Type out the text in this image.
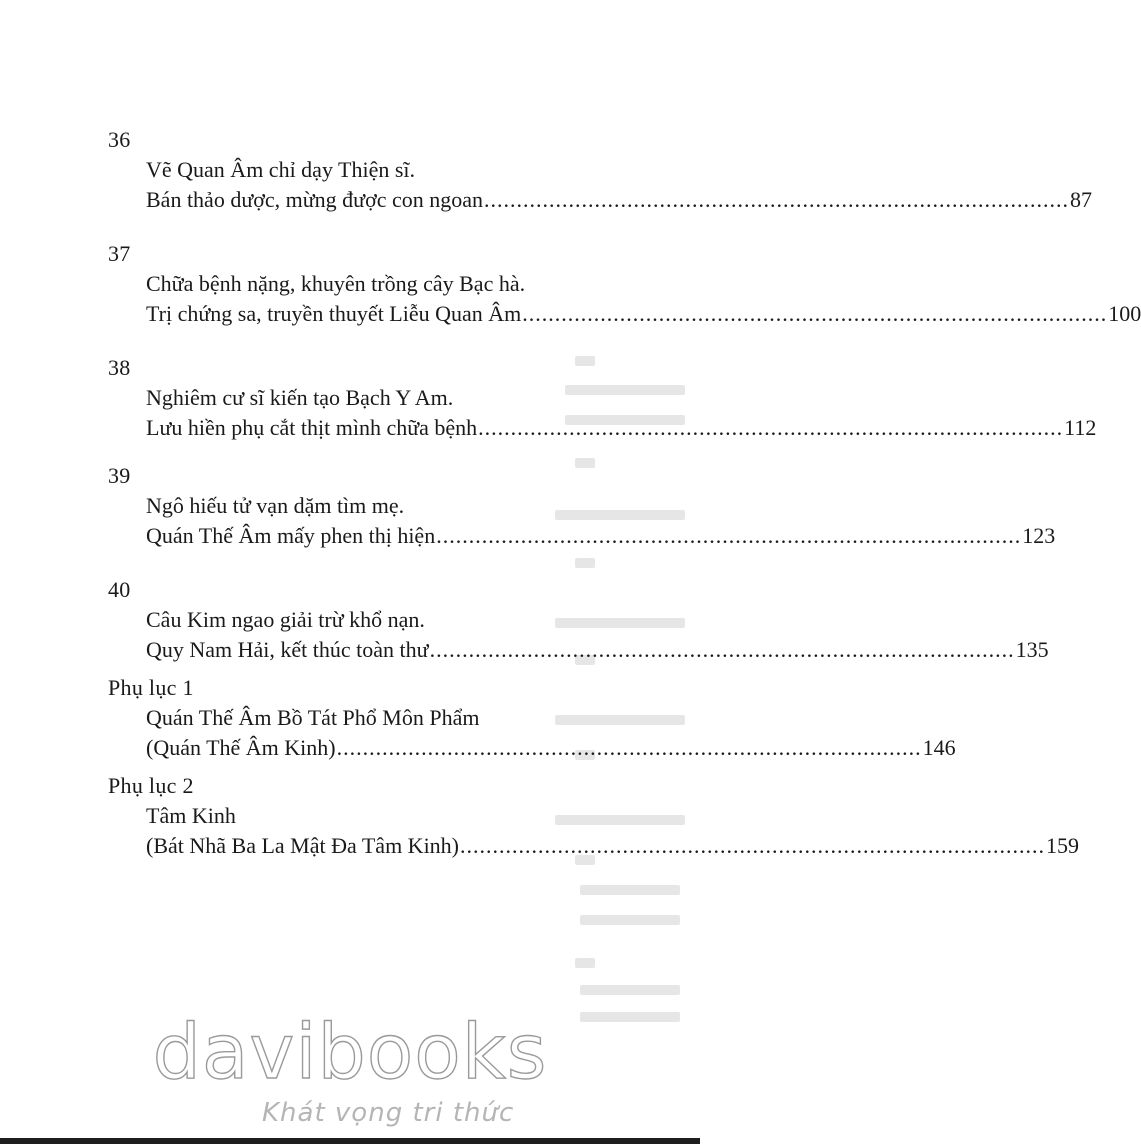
36
Vẽ Quan Âm chỉ dạy Thiện sĩ.
Bán thảo dược, mừng được con ngoan .......................................................................................... 87
37
Chữa bệnh nặng, khuyên trồng cây Bạc hà.
Trị chứng sa, truyền thuyết Liễu Quan Âm .......................................................................................... 100
38
Nghiêm cư sĩ kiến tạo Bạch Y Am.
Lưu hiền phụ cắt thịt mình chữa bệnh .......................................................................................... 112
39
Ngô hiếu tử vạn dặm tìm mẹ.
Quán Thế Âm mấy phen thị hiện .......................................................................................... 123
40
Câu Kim ngao giải trừ khổ nạn.
Quy Nam Hải, kết thúc toàn thư .......................................................................................... 135
Phụ lục 1
Quán Thế Âm Bồ Tát Phổ Môn Phẩm
(Quán Thế Âm Kinh) .......................................................................................... 146
Phụ lục 2
Tâm Kinh
(Bát Nhã Ba La Mật Đa Tâm Kinh) .......................................................................................... 159
davibooks
Khát vọng tri thức
